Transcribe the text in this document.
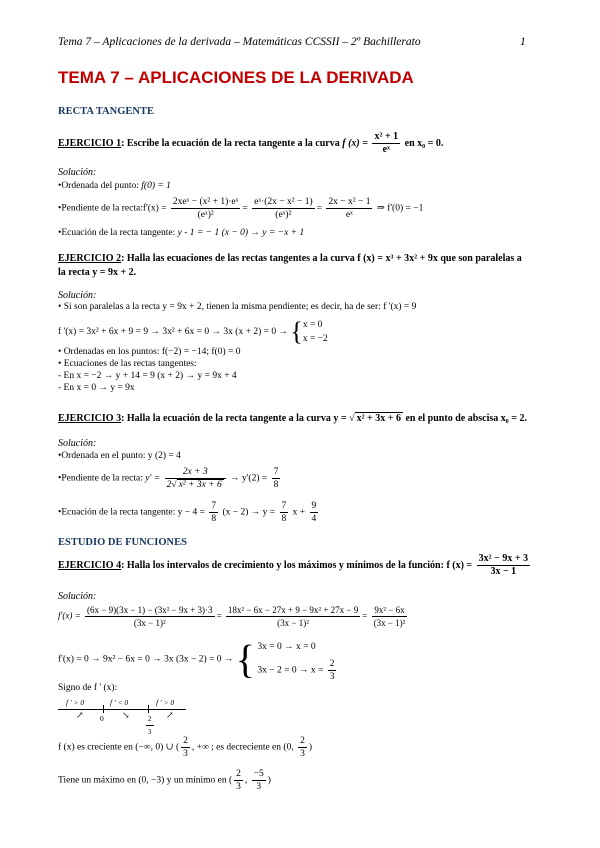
Tema 7 – Aplicaciones de la derivada – Matemáticas CCSSII – 2º Bachillerato	1
TEMA 7 – APLICACIONES DE LA DERIVADA
RECTA TANGENTE
EJERCICIO 1: Escribe la ecuación de la recta tangente a la curva f $(x) = \frac{\text{x² + 1}}{\text{eˣ}}$ en x₀ = 0.
Solución:
•Ordenada del punto: f(0) = 1
•Pendiente de la recta:f'(x) =
2xeˣ − (x² + 1)·eˣ
(eˣ)²
= $\frac{\text{eˣ·(2x − x² − 1)}}{\text{(eˣ)²}} = \frac{\text{2x − x² − 1}}{\text{eˣ}}$ ⇒ f'(0) = −1
•Ecuación de la recta tangente: y - 1 = − 1 (x − 0) → y = −x + 1
EJERCICIO 2: Halla las ecuaciones de las rectas tangentes a la curva f (x) = x³ + 3x² + 9x que son paralelas a
la recta y = 9x + 2.
Solución:
• Si son paralelas a la recta y = 9x + 2, tienen la misma pendiente; es decir, ha de ser: f '(x) = 9
f '(x) = 3x² + 6x + 9 = 9 → 3x² + 6x = 0 → 3x (x + 2) = 0 → {x = 0
x = −2
• Ordenadas en los puntos: f(−2) = −14; f(0) = 0
• Ecuaciones de las rectas tangentes:
- En x = −2 → y + 14 = 9 (x + 2) → y = 9x + 4
- En x = 0 → y = 9x
EJERCICIO 3: Halla la ecuación de la recta tangente a la curva y = √ x² + 3x + 6 en el punto de abscisa x₀ = 2.
Solución:
•Ordenada en el punto: y (2) = 4
•Pendiente de la recta: $y' = \frac{2x + 3}{\text{2√ x² + 3x + 6}} \to y'(2) = \frac{7}{8}$
•Ecuación de la recta tangente: $y - 4 = \frac{7}{8} (x - 2) \to y = \frac{7}{8}$ $x + \frac{9}{4}$
ESTUDIO DE FUNCIONES
EJERCICIO 4: Halla los intervalos de crecimiento y los máximos y mínimos de la función: f $(x) = \frac{\text{3x² − 9x + 3}}{3x - 1}$
Solución:
$f'(x) = \frac{\text{(6x − 9)(3x − 1) − (3x² − 9x + 3)·3}}{\text{(3x − 1)²}} = \frac{\text{18x² − 6x − 27x + 9 − 9x² + 27x − 9}}{\text{(3x − 1)²}} = \frac{\text{9x² − 6x}}{\text{(3x − 1)²}}$
f'(x) = 0 → 9x² − 6x = 0 → 3x (3x − 2) = 0 → { 3x = 0 → x = 0
$3x - 2 = 0 \to x = \frac{2}{3}$
Signo de f ' (x):
f ' > 0	f ' < 0	f ' > 0
↗	↘	↗
0	$\frac{2}{3}$
f (x) es creciente en (−∞, 0) ∪ ( $\frac{2}{3}$ , +∞ ; es decreciente en (0, $\frac{2}{3}$ )
Tiene un máximo en (0, −3) y un mínimo en ( $\frac{2}{3}$ , $\frac{-5}{3}$ )
